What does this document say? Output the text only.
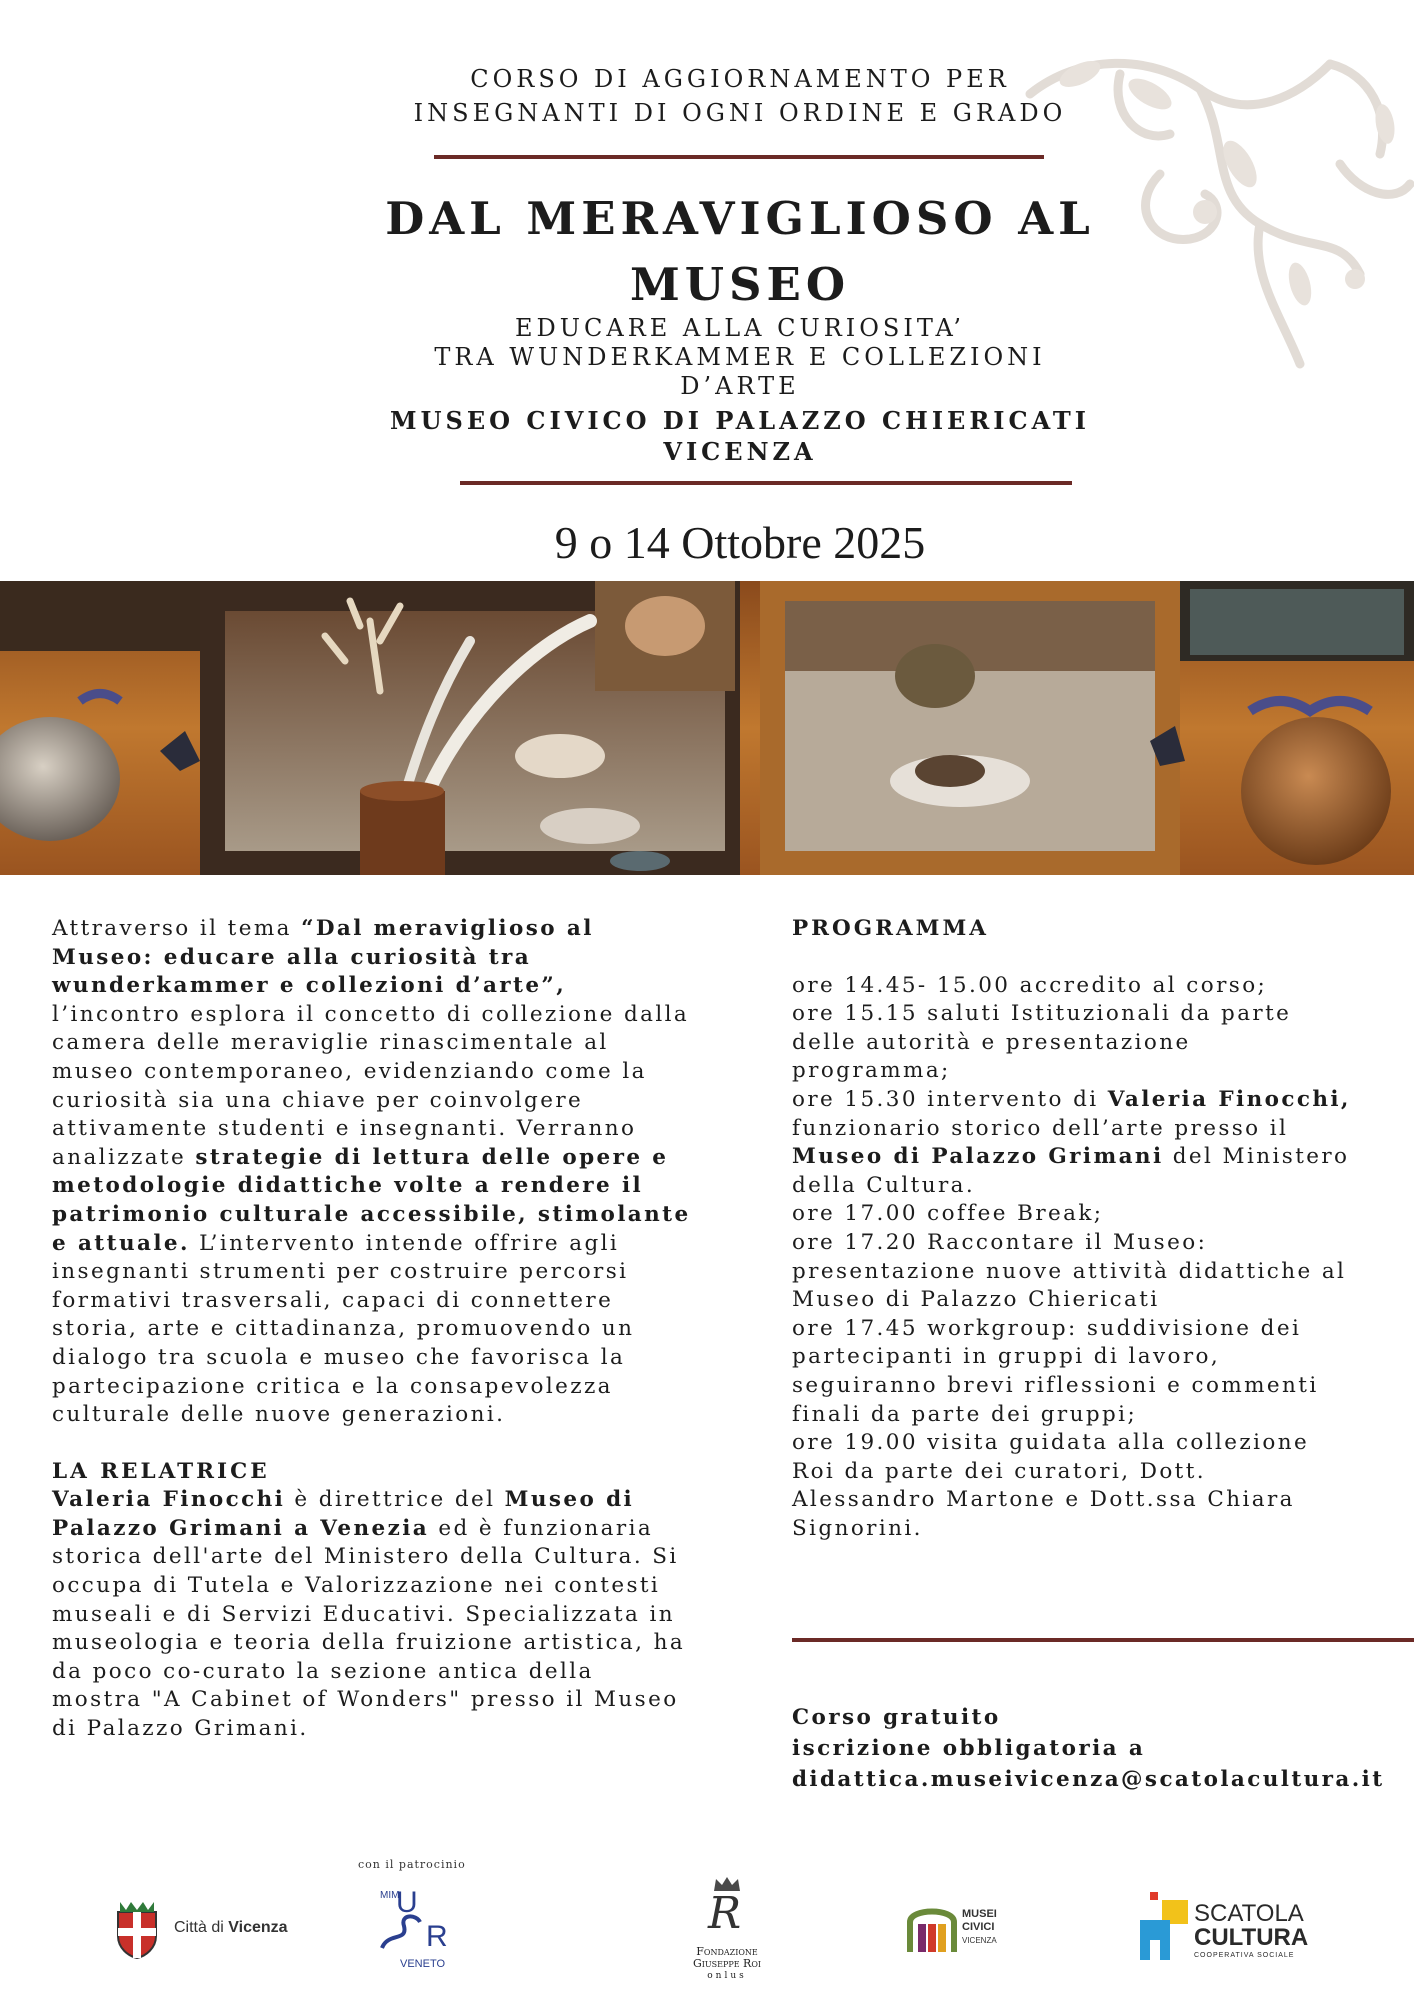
CORSO DI AGGIORNAMENTO PER
INSEGNANTI DI OGNI ORDINE E GRADO
DAL MERAVIGLIOSO AL
MUSEO
EDUCARE ALLA CURIOSITA’
TRA WUNDERKAMMER E COLLEZIONI
D’ARTE
MUSEO CIVICO DI PALAZZO CHIERICATI
VICENZA
9 o 14 Ottobre 2025

Attraverso il tema “Dal meraviglioso al Museo: educare alla curiosità tra wunderkammer e collezioni d’arte”, l’incontro esplora il concetto di collezione dalla camera delle meraviglie rinascimentale al museo contemporaneo, evidenziando come la curiosità sia una chiave per coinvolgere attivamente studenti e insegnanti. Verranno analizzate strategie di lettura delle opere e metodologie didattiche volte a rendere il patrimonio culturale accessibile, stimolante e attuale. L’intervento intende offrire agli insegnanti strumenti per costruire percorsi formativi trasversali, capaci di connettere storia, arte e cittadinanza, promuovendo un dialogo tra scuola e museo che favorisca la partecipazione critica e la consapevolezza culturale delle nuove generazioni.

LA RELATRICE

Valeria Finocchi è direttrice del Museo di Palazzo Grimani a Venezia ed è funzionaria storica dell'arte del Ministero della Cultura. Si occupa di Tutela e Valorizzazione nei contesti museali e di Servizi Educativi. Specializzata in museologia e teoria della fruizione artistica, ha da poco co-curato la sezione antica della mostra "A Cabinet of Wonders" presso il Museo di Palazzo Grimani.

PROGRAMMA
ore 14.45- 15.00 accredito al corso;
ore 15.15 saluti Istituzionali da parte delle autorità e presentazione programma;
ore 15.30 intervento di Valeria Finocchi, funzionario storico dell’arte presso il Museo di Palazzo Grimani del Ministero della Cultura.
ore 17.00 coffee Break;
ore 17.20 Raccontare il Museo: presentazione nuove attività didattiche al Museo di Palazzo Chiericati
ore 17.45 workgroup: suddivisione dei partecipanti in gruppi di lavoro, seguiranno brevi riflessioni e commenti finali da parte dei gruppi;
ore 19.00 visita guidata alla collezione Roi da parte dei curatori, Dott. Alessandro Martone e Dott.ssa Chiara Signorini.
Corso gratuito
iscrizione obbligatoria a
didattica.museivicenza@scatolacultura.it
Città di Vicenza
con il patrocinio
MIM
U
R
VENETO
R
Fondazione
Giuseppe Roi
onlus
MUSEI
CIVICI
VICENZA
SCATOLA
CULTURA
COOPERATIVA SOCIALE
